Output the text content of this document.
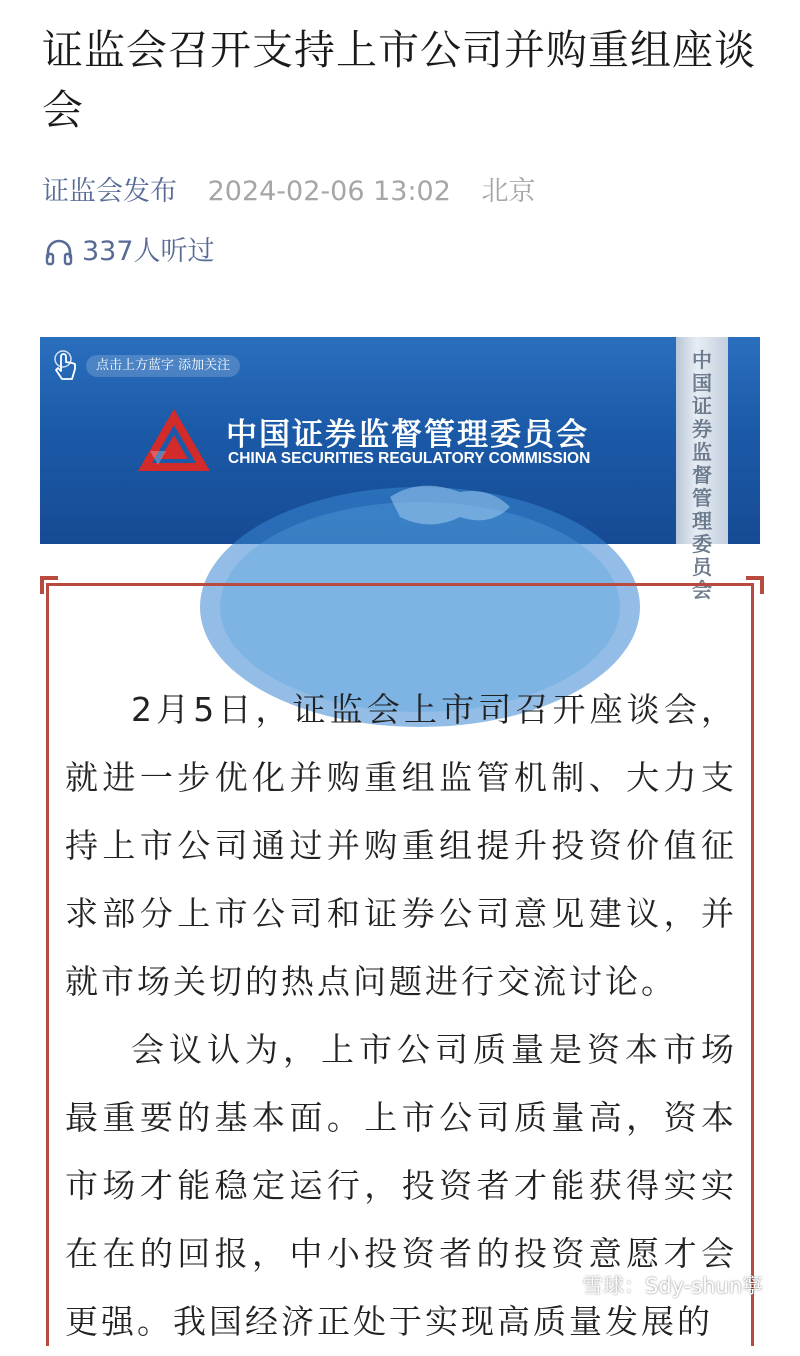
证监会召开支持上市公司并购重组座谈会
证监会发布 2024-02-06 13:02 北京
337人听过
点击上方蓝字 添加关注
中国证券监督管理委员会
CHINA SECURITIES REGULATORY COMMISSION
中国证券监督管理委员会

2月5日，证监会上市司召开座谈会，就进一步优化并购重组监管机制、大力支持上市公司通过并购重组提升投资价值征求部分上市公司和证券公司意见建议，并就市场关切的热点问题进行交流讨论。

会议认为，上市公司质量是资本市场最重要的基本面。上市公司质量高，资本市场才能稳定运行，投资者才能获得实实在在的回报，中小投资者的投资意愿才会更强。我国经济正处于实现高质量发展的

雪球：Sdy-shun寧
